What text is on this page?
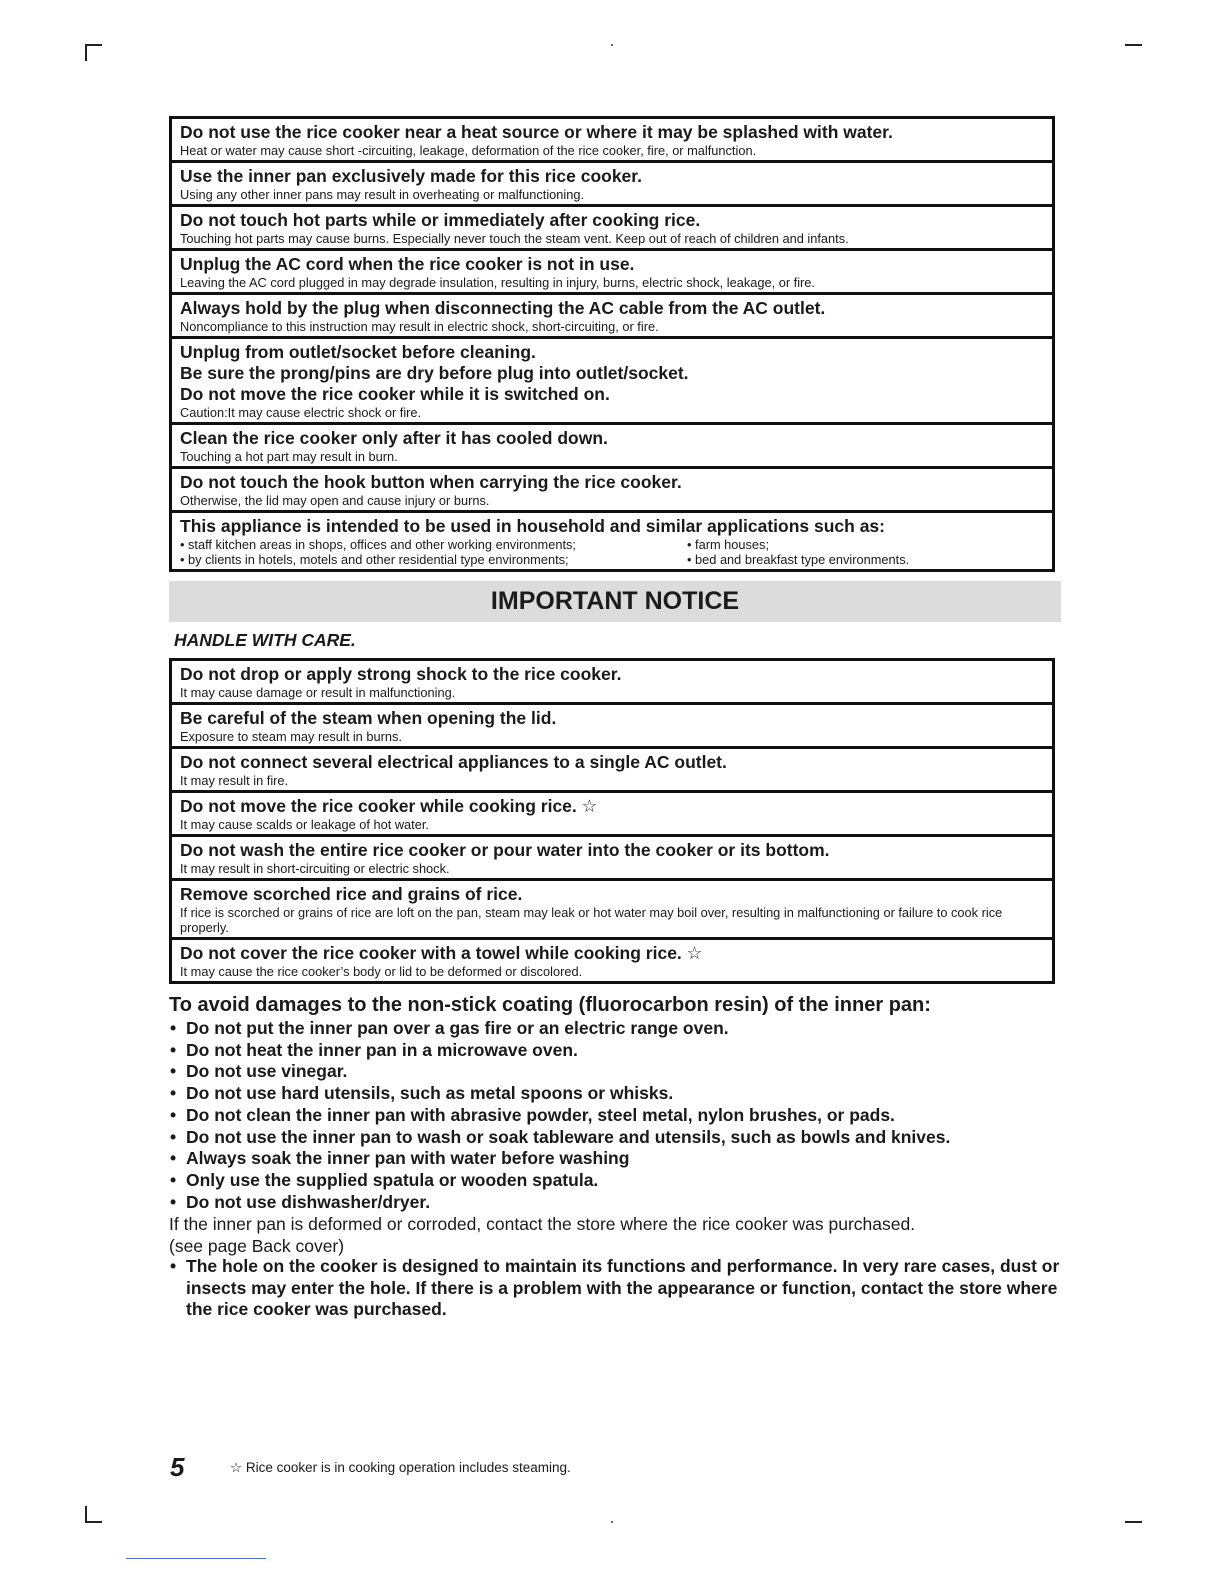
Do not use the rice cooker near a heat source or where it may be splashed with water.
Heat or water may cause short -circuiting, leakage, deformation of the rice cooker, fire, or malfunction.
Use the inner pan exclusively made for this rice cooker.
Using any other inner pans may result in overheating or malfunctioning.
Do not touch hot parts while or immediately after cooking rice.
Touching hot parts may cause burns. Especially never touch the steam vent. Keep out of reach of children and infants.
Unplug the AC cord when the rice cooker is not in use.
Leaving the AC cord plugged in may degrade insulation, resulting in injury, burns, electric shock, leakage, or fire.
Always hold by the plug when disconnecting the AC cable from the AC outlet.
Noncompliance to this instruction may result in electric shock, short-circuiting, or fire.
Unplug from outlet/socket before cleaning.
Be sure the prong/pins are dry before plug into outlet/socket.
Do not move the rice cooker while it is switched on.
Caution:It may cause electric shock or fire.
Clean the rice cooker only after it has cooled down.
Touching a hot part may result in burn.
Do not touch the hook button when carrying the rice cooker.
Otherwise, the lid may open and cause injury or burns.
This appliance is intended to be used in household and similar applications such as:
• staff kitchen areas in shops, offices and other working environments;
• by clients in hotels, motels and other residential type environments;
• farm houses;
• bed and breakfast type environments.
IMPORTANT NOTICE
HANDLE WITH CARE.
Do not drop or apply strong shock to the rice cooker.
It may cause damage or result in malfunctioning.
Be careful of the steam when opening the lid.
Exposure to steam may result in burns.
Do not connect several electrical appliances to a single AC outlet.
It may result in fire.
Do not move the rice cooker while cooking rice. ☆
It may cause scalds or leakage of hot water.
Do not wash the entire rice cooker or pour water into the cooker or its bottom.
It may result in short-circuiting or electric shock.
Remove scorched rice and grains of rice.
If rice is scorched or grains of rice are loft on the pan, steam may leak or hot water may boil over, resulting in malfunctioning or failure to cook rice properly.
Do not cover the rice cooker with a towel while cooking rice. ☆
It may cause the rice cooker’s body or lid to be deformed or discolored.
To avoid damages to the non-stick coating (fluorocarbon resin) of the inner pan:
• Do not put the inner pan over a gas fire or an electric range oven.
• Do not heat the inner pan in a microwave oven.
• Do not use vinegar.
• Do not use hard utensils, such as metal spoons or whisks.
• Do not clean the inner pan with abrasive powder, steel metal, nylon brushes, or pads.
• Do not use the inner pan to wash or soak tableware and utensils, such as bowls and knives.
• Always soak the inner pan with water before washing
• Only use the supplied spatula or wooden spatula.
• Do not use dishwasher/dryer.
If the inner pan is deformed or corroded, contact the store where the rice cooker was purchased.
(see page Back cover)
• The hole on the cooker is designed to maintain its functions and performance. In very rare cases, dust or insects may enter the hole. If there is a problem with the appearance or function, contact the store where the rice cooker was purchased.
5	☆ Rice cooker is in cooking operation includes steaming.
